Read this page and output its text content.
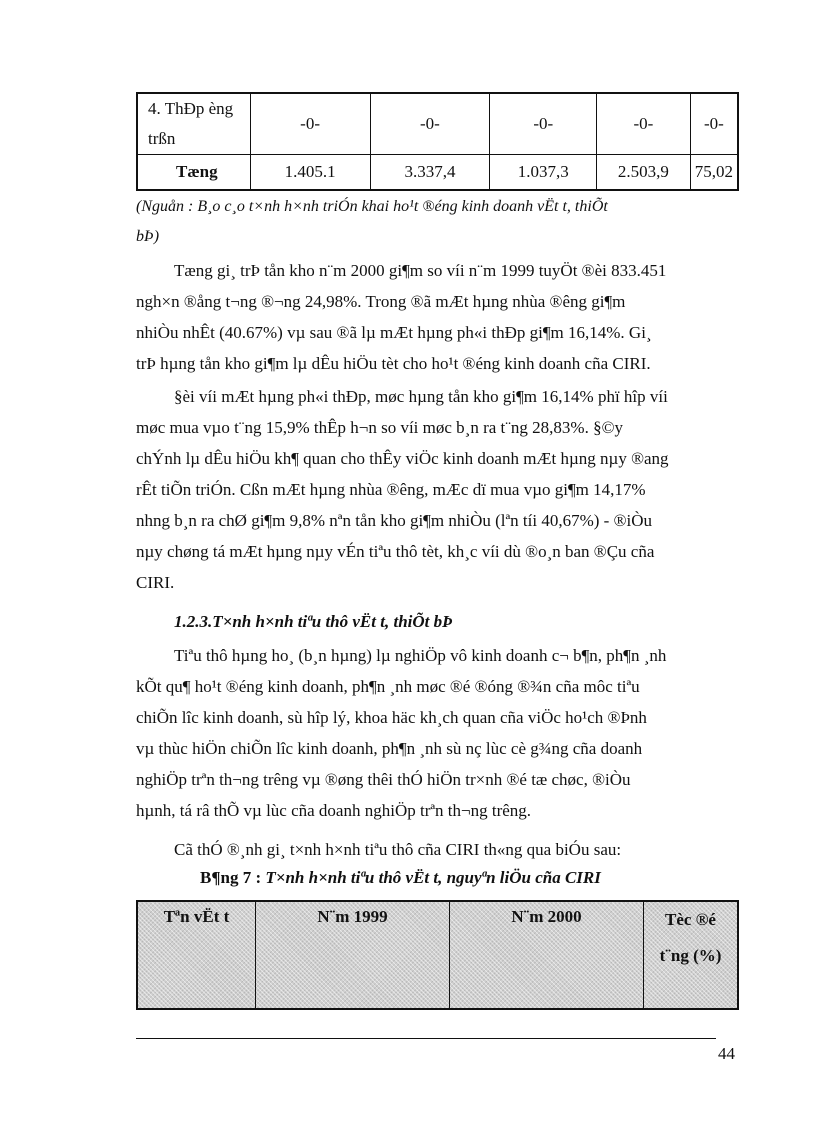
4. ThÐp èng
trßn	-0-	-0-	-0-	-0-	-0-
Tæng	1.405.1	3.337,4	1.037,3	2.503,9	75,02
(Nguån : B¸o c¸o t×nh h×nh triÓn khai ho¹t ®éng kinh doanh vËt t, thiÕt
bÞ)
Tæng gi¸ trÞ tån kho n¨m 2000 gi¶m so víi n¨m 1999 tuyÖt ®èi 833.451
ngh×n ®ång t¬ng ®¬ng 24,98%. Trong ®ã mÆt hµng nhùa ®êng gi¶m
nhiÒu nhÊt (40.67%) vµ sau ®ã lµ mÆt hµng ph«i thÐp gi¶m 16,14%. Gi¸
trÞ hµng tån kho gi¶m lµ dÊu hiÖu tèt cho ho¹t ®éng kinh doanh cña CIRI.
§èi víi mÆt hµng ph«i thÐp, møc hµng tån kho gi¶m 16,14% phï hîp víi
møc mua vµo t¨ng 15,9% thÊp h¬n so víi møc b¸n ra t¨ng 28,83%. §©y
chÝnh lµ dÊu hiÖu kh¶ quan cho thÊy viÖc kinh doanh mÆt hµng nµy ®ang
rÊt tiÕn triÓn. Cßn mÆt hµng nhùa ®êng, mÆc dï mua vµo gi¶m 14,17%
nhng b¸n ra chØ gi¶m 9,8% nªn tån kho gi¶m nhiÒu (lªn tíi 40,67%) - ®iÒu
nµy chøng tá mÆt hµng nµy vÉn tiªu thô tèt, kh¸c víi dù ®o¸n ban ®Çu cña
CIRI.
1.2.3.T×nh h×nh tiªu thô vËt t, thiÕt bÞ
Tiªu thô hµng ho¸ (b¸n hµng) lµ nghiÖp vô kinh doanh c¬ b¶n, ph¶n ¸nh
kÕt qu¶ ho¹t ®éng kinh doanh, ph¶n ¸nh møc ®é ®óng ®¾n cña môc tiªu
chiÕn lîc kinh doanh, sù hîp lý, khoa häc kh¸ch quan cña viÖc ho¹ch ®Þnh
vµ thùc hiÖn chiÕn lîc kinh doanh, ph¶n ¸nh sù nç lùc cè g¾ng cña doanh
nghiÖp trªn th¬ng trêng vµ ®øng thêi thÓ hiÖn tr×nh ®é tæ chøc, ®iÒu
hµnh, tá râ thÕ vµ lùc cña doanh nghiÖp trªn th¬ng trêng.
Cã thÓ ®¸nh gi¸ t×nh h×nh tiªu thô cña CIRI th«ng qua biÓu sau:
B¶ng 7 : T×nh h×nh tiªu thô vËt t, nguyªn liÖu cña CIRI
Tªn vËt t	N¨m 1999	N¨m 2000	Tèc ®é
t¨ng (%)
44
